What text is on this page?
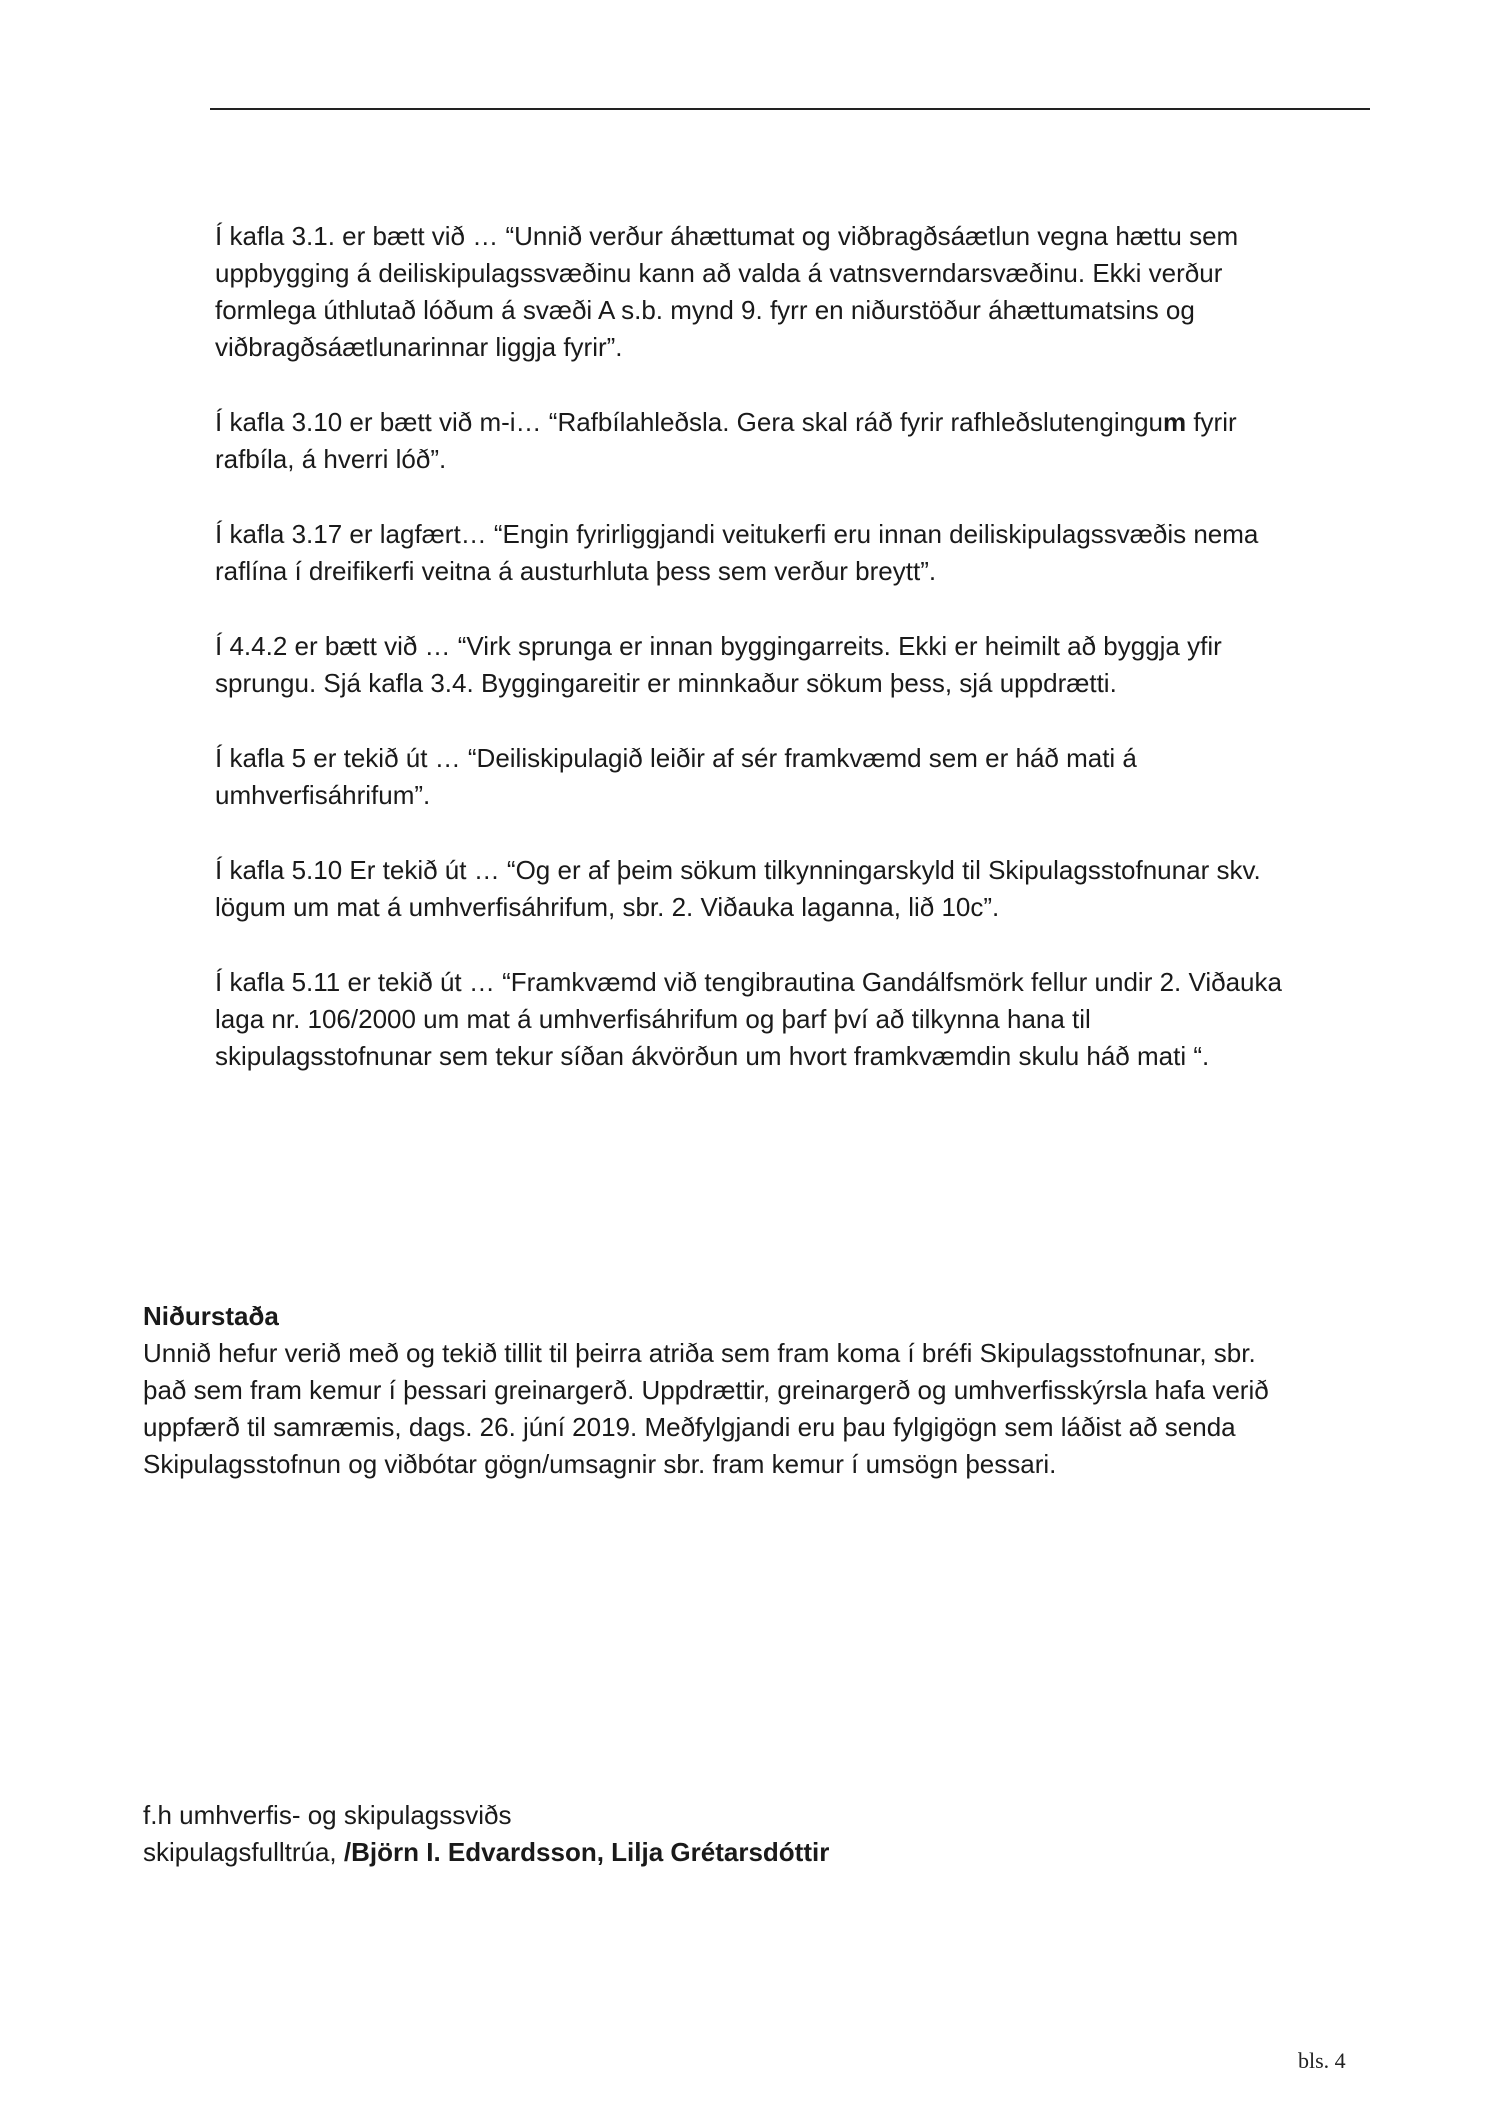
Í kafla 3.1. er bætt við … “Unnið verður áhættumat og viðbragðsáætlun vegna hættu sem
uppbygging á deiliskipulagssvæðinu kann að valda á vatnsverndarsvæðinu. Ekki verður
formlega úthlutað lóðum á svæði A s.b. mynd 9. fyrr en niðurstöður áhættumatsins og
viðbragðsáætlunarinnar liggja fyrir”.

Í kafla 3.10 er bætt við m-i… “Rafbílahleðsla. Gera skal ráð fyrir rafhleðslutengingum fyrir
rafbíla, á hverri lóð”.

Í kafla 3.17 er lagfært… “Engin fyrirliggjandi veitukerfi eru innan deiliskipulagssvæðis nema
raflína í dreifikerfi veitna á austurhluta þess sem verður breytt”.

Í 4.4.2 er bætt við … “Virk sprunga er innan byggingarreits. Ekki er heimilt að byggja yfir
sprungu. Sjá kafla 3.4. Byggingareitir er minnkaður sökum þess, sjá uppdrætti.

Í kafla 5 er tekið út … “Deiliskipulagið leiðir af sér framkvæmd sem er háð mati á
umhverfisáhrifum”.

Í kafla 5.10 Er tekið út … “Og er af þeim sökum tilkynningarskyld til Skipulagsstofnunar skv.
lögum um mat á umhverfisáhrifum, sbr. 2. Viðauka laganna, lið 10c”.

Í kafla 5.11 er tekið út … “Framkvæmd við tengibrautina Gandálfsmörk fellur undir 2. Viðauka
laga nr. 106/2000 um mat á umhverfisáhrifum og þarf því að tilkynna hana til
skipulagsstofnunar sem tekur síðan ákvörðun um hvort framkvæmdin skulu háð mati “.

Niðurstaða

Unnið hefur verið með og tekið tillit til þeirra atriða sem fram koma í bréfi Skipulagsstofnunar, sbr.
það sem fram kemur í þessari greinargerð. Uppdrættir, greinargerð og umhverfisskýrsla hafa verið
uppfærð til samræmis, dags. 26. júní 2019. Meðfylgjandi eru þau fylgigögn sem láðist að senda
Skipulagsstofnun og viðbótar gögn/umsagnir sbr. fram kemur í umsögn þessari.

f.h umhverfis- og skipulagssviðs
skipulagsfulltrúa, /Björn I. Edvardsson, Lilja Grétarsdóttir
bls. 4
